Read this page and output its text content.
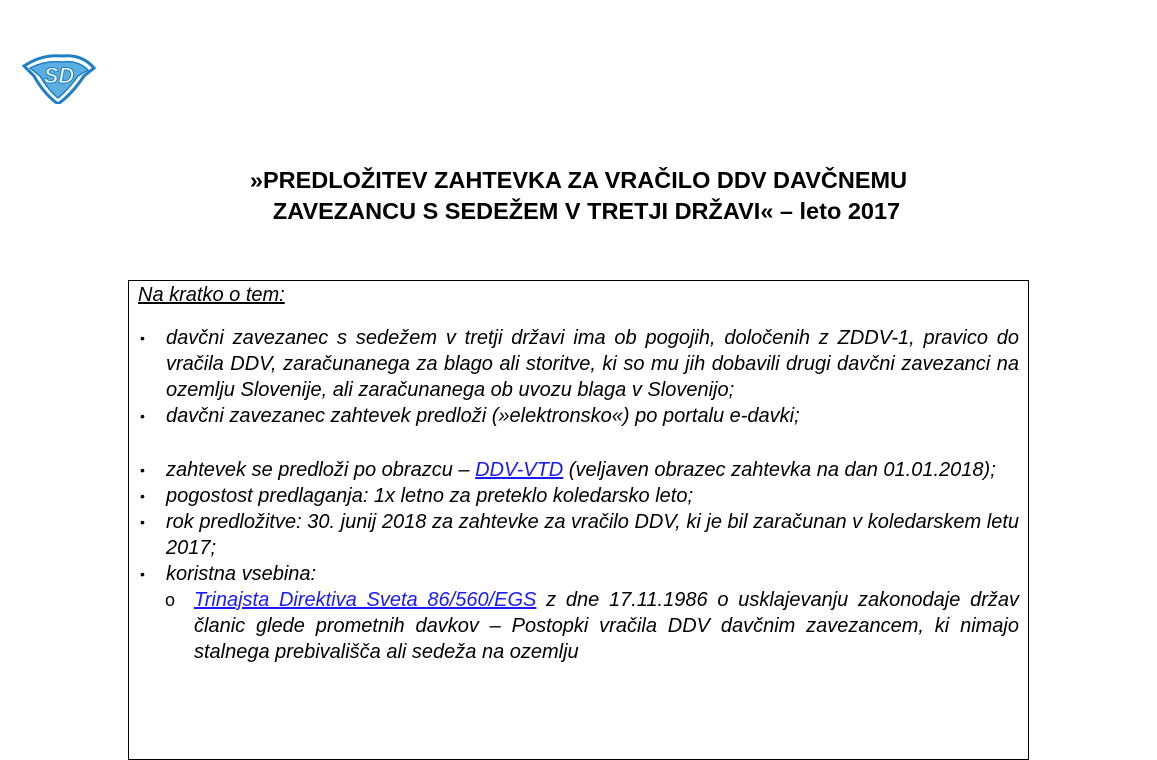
SD
»PREDLOŽITEV ZAHTEVKA ZA VRAČILO DDV DAVČNEMU
ZAVEZANCU S SEDEŽEM V TRETJI DRŽAVI« – leto 2017
Na kratko o tem:
• davčni zavezanec s sedežem v tretji državi ima ob pogojih, določenih z ZDDV-1, pravico do vračila DDV, zaračunanega za blago ali storitve, ki so mu jih dobavili drugi davčni zavezanci na ozemlju Slovenije, ali zaračunanega ob uvozu blaga v Slovenijo;
• davčni zavezanec zahtevek predloži (»elektronsko«) po portalu e-davki;
• zahtevek se predloži po obrazcu – DDV-VTD (veljaven obrazec zahtevka na dan 01.01.2018);
• pogostost predlaganja: 1x letno za preteklo koledarsko leto;
• rok predložitve: 30. junij 2018 za zahtevke za vračilo DDV, ki je bil zaračunan v koledarskem letu 2017;
• koristna vsebina:
o Trinajsta Direktiva Sveta 86/560/EGS z dne 17.11.1986 o usklajevanju zakonodaje držav članic glede prometnih davkov – Postopki vračila DDV davčnim zavezancem, ki nimajo stalnega prebivališča ali sedeža na ozemlju
